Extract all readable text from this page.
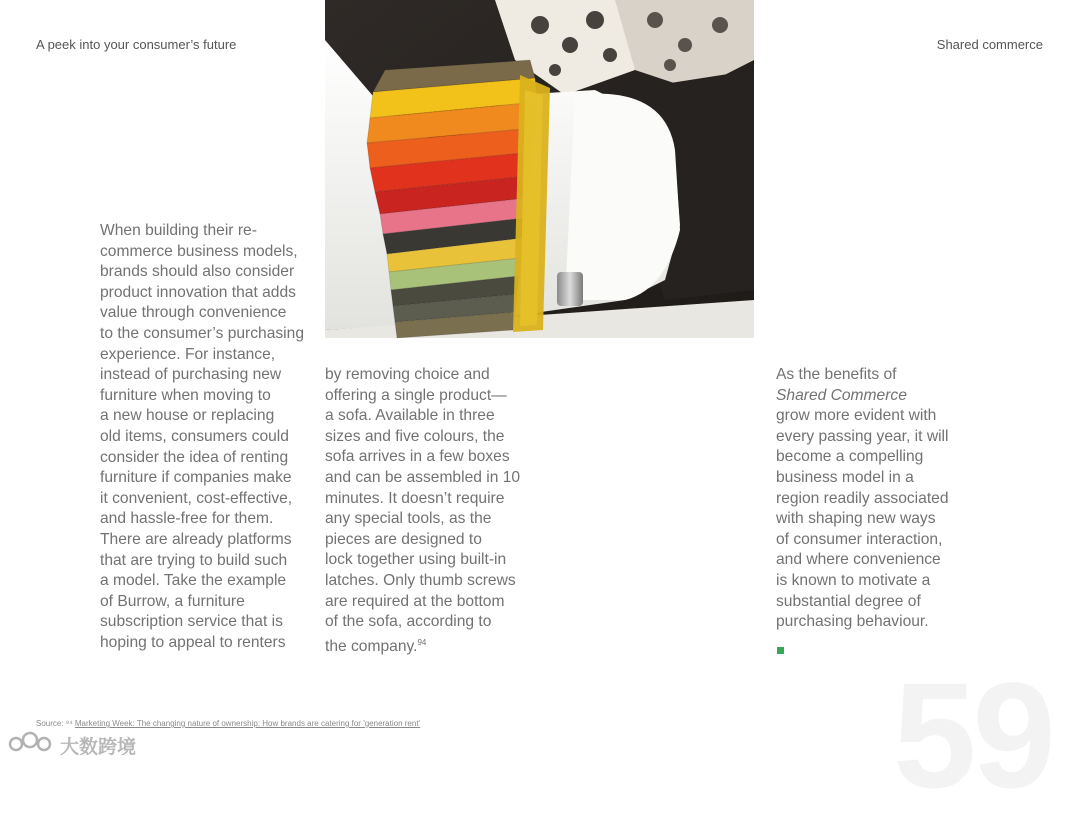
A peek into your consumer’s future	Shared commerce

When building their re-
commerce business models,
brands should also consider
product innovation that adds
value through convenience
to the consumer’s purchasing
experience. For instance,
instead of purchasing new
furniture when moving to
a new house or replacing
old items, consumers could
consider the idea of renting
furniture if companies make
it convenient, cost-effective,
and hassle-free for them.
There are already platforms
that are trying to build such
a model. Take the example
of Burrow, a furniture
subscription service that is
hoping to appeal to renters

by removing choice and
offering a single product—
a sofa. Available in three
sizes and five colours, the
sofa arrives in a few boxes
and can be assembled in 10
minutes. It doesn’t require
any special tools, as the
pieces are designed to
lock together using built-in
latches. Only thumb screws
are required at the bottom
of the sofa, according to
the company.$^{94}$

As the benefits of
Shared Commerce
grow more evident with
every passing year, it will
become a compelling
business model in a
region readily associated
with shaping new ways
of consumer interaction,
and where convenience
is known to motivate a
substantial degree of
purchasing behaviour.

59
Source: ⁹⁴ Marketing Week: The changing nature of ownership: How brands are catering for 'generation rent'
大数跨境
